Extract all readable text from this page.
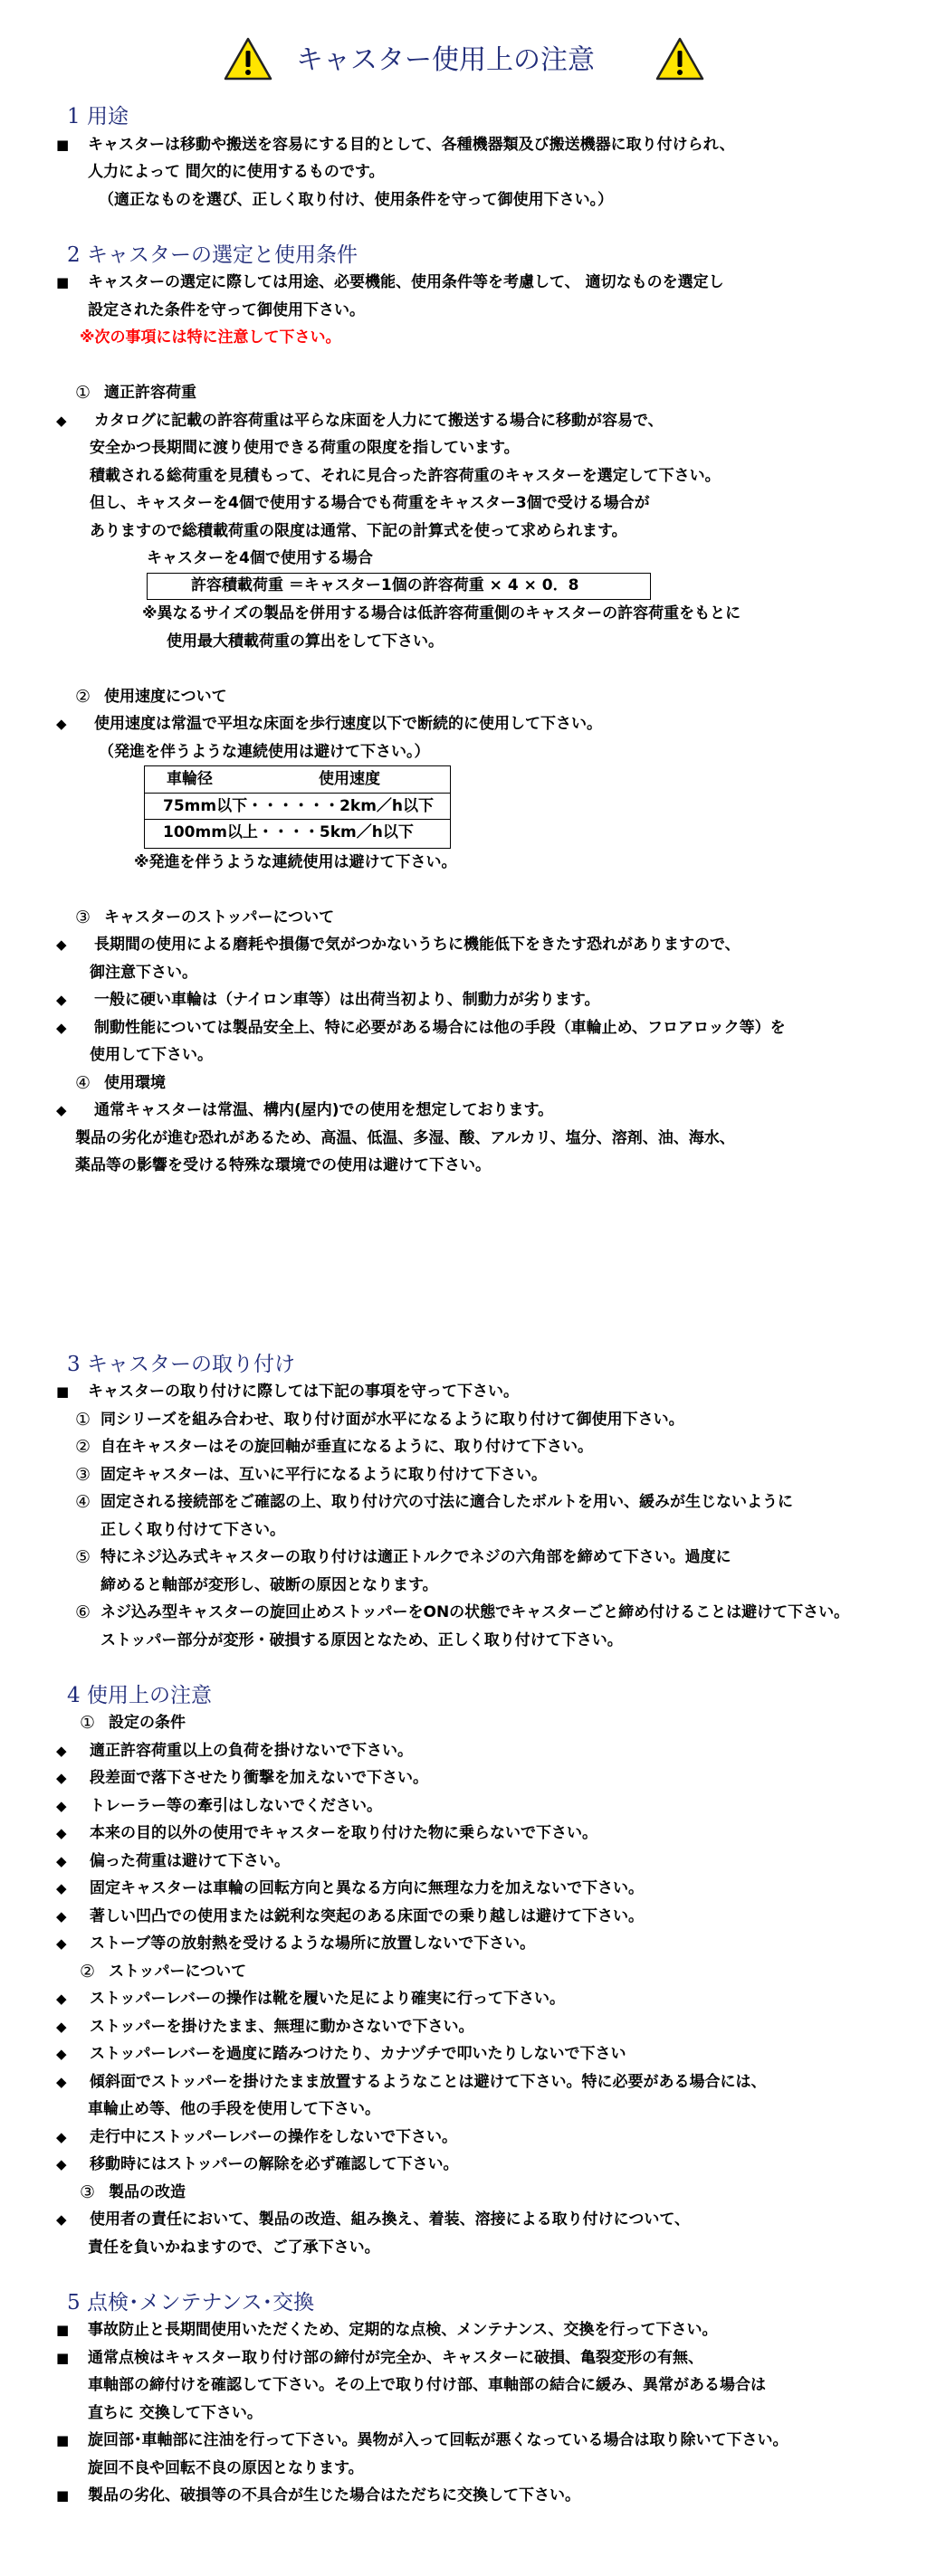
キャスター使用上の注意
1 用途
■ キャスターは移動や搬送を容易にする目的として、各種機器類及び搬送機器に取り付けられ、
人力によって 間欠的に使用するものです。
（適正なものを選び、正しく取り付け、使用条件を守って御使用下さい。）
2 キャスターの選定と使用条件
■ キャスターの選定に際しては用途、必要機能、使用条件等を考慮して、 適切なものを選定し
設定された条件を守って御使用下さい。
※次の事項には特に注意して下さい。
① 適正許容荷重
◆ カタログに記載の許容荷重は平らな床面を人力にて搬送する場合に移動が容易で、
安全かつ長期間に渡り使用できる荷重の限度を指しています。
積載される総荷重を見積もって、それに見合った許容荷重のキャスターを選定して下さい。
但し、キャスターを4個で使用する場合でも荷重をキャスター3個で受ける場合が
ありますので総積載荷重の限度は通常、下記の計算式を使って求められます。
キャスターを4個で使用する場合
許容積載荷重 ＝キャスター1個の許容荷重 × 4 × 0．8
※異なるサイズの製品を併用する場合は低許容荷重側のキャスターの許容荷重をもとに
使用最大積載荷重の算出をして下さい。
② 使用速度について
◆ 使用速度は常温で平坦な床面を歩行速度以下で断続的に使用して下さい。
（発進を伴うような連続使用は避けて下さい。）
車輪径	使用速度
75mm以下・・・・・・2km／h以下
100mm以上・・・・5km／h以下
※発進を伴うような連続使用は避けて下さい。
③ キャスターのストッパーについて
◆ 長期間の使用による磨耗や損傷で気がつかないうちに機能低下をきたす恐れがありますので、
御注意下さい。
◆ 一般に硬い車輪は（ナイロン車等）は出荷当初より、制動力が劣ります。
◆ 制動性能については製品安全上、特に必要がある場合には他の手段（車輪止め、フロアロック等）を
使用して下さい。
④ 使用環境
◆ 通常キャスターは常温、構内(屋内)での使用を想定しております。
製品の劣化が進む恐れがあるため、高温、低温、多湿、酸、アルカリ、塩分、溶剤、油、海水、
薬品等の影響を受ける特殊な環境での使用は避けて下さい。
3 キャスターの取り付け
■ キャスターの取り付けに際しては下記の事項を守って下さい。
① 同シリーズを組み合わせ、取り付け面が水平になるように取り付けて御使用下さい。
② 自在キャスターはその旋回軸が垂直になるように、取り付けて下さい。
③ 固定キャスターは、互いに平行になるように取り付けて下さい。
④ 固定される接続部をご確認の上、取り付け穴の寸法に適合したボルトを用い、緩みが生じないように
正しく取り付けて下さい。
⑤ 特にネジ込み式キャスターの取り付けは適正トルクでネジの六角部を締めて下さい。過度に
締めると軸部が変形し、破断の原因となります。
⑥ ネジ込み型キャスターの旋回止めストッパーをONの状態でキャスターごと締め付けることは避けて下さい。
ストッパー部分が変形・破損する原因となため、正しく取り付けて下さい。
4 使用上の注意
① 設定の条件
◆ 適正許容荷重以上の負荷を掛けないで下さい。
◆ 段差面で落下させたり衝撃を加えないで下さい。
◆ トレーラー等の牽引はしないでください。
◆ 本来の目的以外の使用でキャスターを取り付けた物に乗らないで下さい。
◆ 偏った荷重は避けて下さい。
◆ 固定キャスターは車輪の回転方向と異なる方向に無理な力を加えないで下さい。
◆ 著しい凹凸での使用または鋭利な突起のある床面での乗り越しは避けて下さい。
◆ ストーブ等の放射熱を受けるような場所に放置しないで下さい。
② ストッパーについて
◆ ストッパーレバーの操作は靴を履いた足により確実に行って下さい。
◆ ストッパーを掛けたまま、無理に動かさないで下さい。
◆ ストッパーレバーを過度に踏みつけたり、カナヅチで叩いたりしないで下さい
◆ 傾斜面でストッパーを掛けたまま放置するようなことは避けて下さい。特に必要がある場合には、
車輪止め等、他の手段を使用して下さい。
◆ 走行中にストッパーレバーの操作をしないで下さい。
◆ 移動時にはストッパーの解除を必ず確認して下さい。
③ 製品の改造
◆ 使用者の責任において、製品の改造、組み換え、着装、溶接による取り付けについて、
責任を負いかねますので、ご了承下さい。
5 点検･メンテナンス･交換
■ 事故防止と長期間使用いただくため、定期的な点検、メンテナンス、交換を行って下さい。
■ 通常点検はキャスター取り付け部の締付が完全か、キャスターに破損、亀裂変形の有無、
車軸部の締付けを確認して下さい。その上で取り付け部、車軸部の結合に緩み、異常がある場合は
直ちに 交換して下さい。
■ 旋回部･車軸部に注油を行って下さい。異物が入って回転が悪くなっている場合は取り除いて下さい。
旋回不良や回転不良の原因となります。
■ 製品の劣化、破損等の不具合が生じた場合はただちに交換して下さい。
